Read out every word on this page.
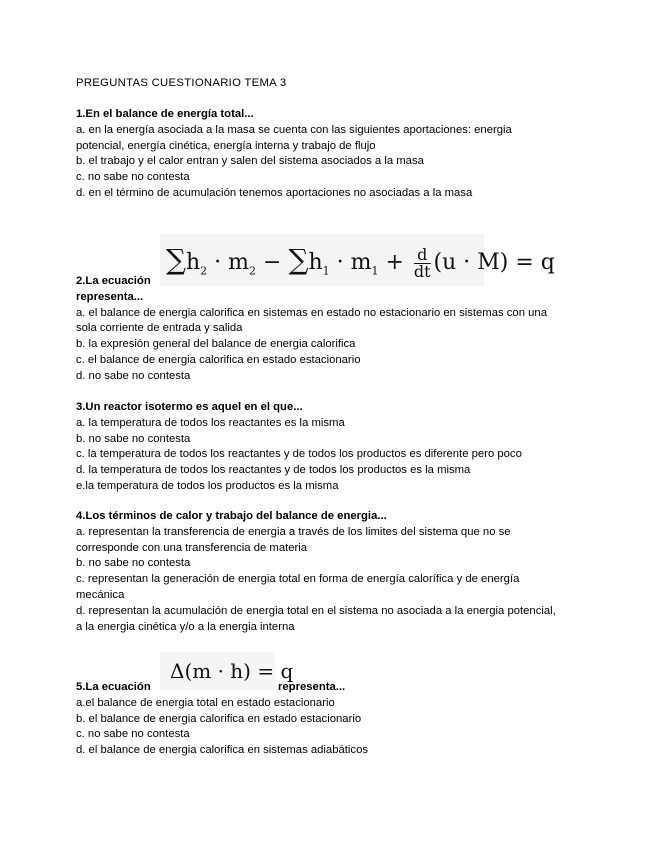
PREGUNTAS CUESTIONARIO TEMA 3

1.En el balance de energía total...

a. en la energía asociada a la masa se cuenta con las siguientes aportaciones: energia

potencial, energía cinética, energía interna y trabajo de flujo

b. el trabajo y el calor entran y salen del sistema asociados a la masa

c. no sabe no contesta

d. en el término de acumulación tenemos aportaciones no asociadas a la masa

$\sum h_2 \cdot m_2 - \sum h_1 \cdot m_1 + \frac{d}{dt} (u \cdot M) = q$

2.La ecuación

representa...

a. el balance de energia calorifica en sistemas en estado no estacionario en sistemas con una

sola corriente de entrada y salida

b. la expresión general del balance de energia calorifica

c. el balance de energia calorifica en estado estacionario

d. no sabe no contesta

3.Un reactor isotermo es aquel en el que...

a. la temperatura de todos los reactantes es la misma

b. no sabe no contesta

c. la temperatura de todos los reactantes y de todos los productos es diferente pero poco

d. la temperatura de todos los reactantes y de todos los productos es la misma

e.la temperatura de todos los productos es la misma

4.Los términos de calor y trabajo del balance de energia...

a. representan la transferencia de energia a través de los limites del sistema que no se

corresponde con una transferencia de materia

b. no sabe no contesta

c. representan la generación de energia total en forma de energía calorífica y de energía

mecánica

d. representan la acumulación de energia total en el sistema no asociada a la energia potencial,

a la energia cinética y/o a la energia interna

Δ(m · h) = q

5.La ecuación

a.el balance de energia total en estado estacionario

b. el balance de energia calorifica en estado estacionario

c. no sabe no contesta

d. el balance de energia calorifica en sistemas adiabáticos

representa...
